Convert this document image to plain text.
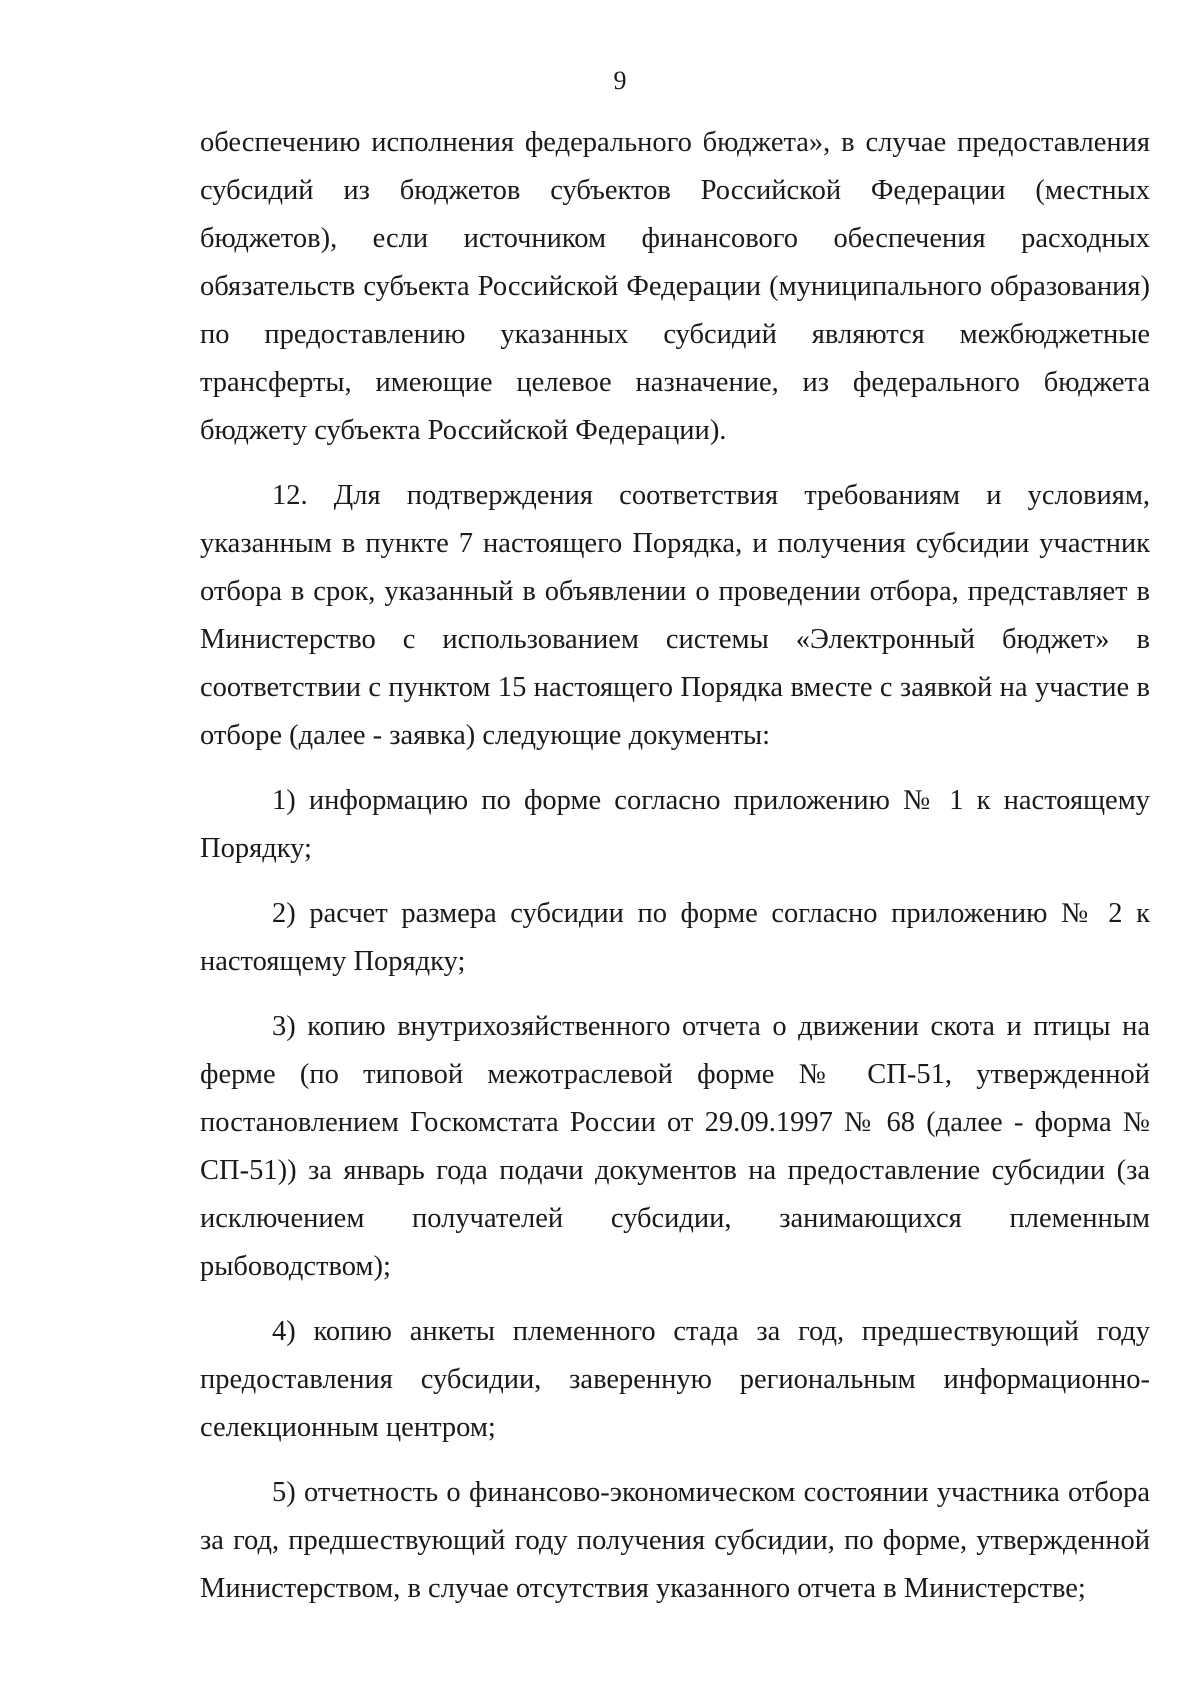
9

обеспечению исполнения федерального бюджета», в случае предоставления субсидий из бюджетов субъектов Российской Федерации (местных бюджетов), если источником финансового обеспечения расходных обязательств субъекта Российской Федерации (муниципального образования) по предоставлению указанных субсидий являются межбюджетные трансферты, имеющие целевое назначение, из федерального бюджета бюджету субъекта Российской Федерации).

12. Для подтверждения соответствия требованиям и условиям, указанным в пункте 7 настоящего Порядка, и получения субсидии участник отбора в срок, указанный в объявлении о проведении отбора, представляет в Министерство с использованием системы «Электронный бюджет» в соответствии с пунктом 15 настоящего Порядка вместе с заявкой на участие в отборе (далее - заявка) следующие документы:

1) информацию по форме согласно приложению № 1 к настоящему Порядку;

2) расчет размера субсидии по форме согласно приложению № 2 к настоящему Порядку;

3) копию внутрихозяйственного отчета о движении скота и птицы на ферме (по типовой межотраслевой форме № СП-51, утвержденной постановлением Госкомстата России от 29.09.1997 № 68 (далее - форма № СП-51)) за январь года подачи документов на предоставление субсидии (за исключением получателей субсидии, занимающихся племенным рыбоводством);

4) копию анкеты племенного стада за год, предшествующий году предоставления субсидии, заверенную региональным информационно-селекционным центром;

5) отчетность о финансово-экономическом состоянии участника отбора за год, предшествующий году получения субсидии, по форме, утвержденной Министерством, в случае отсутствия указанного отчета в Министерстве;
